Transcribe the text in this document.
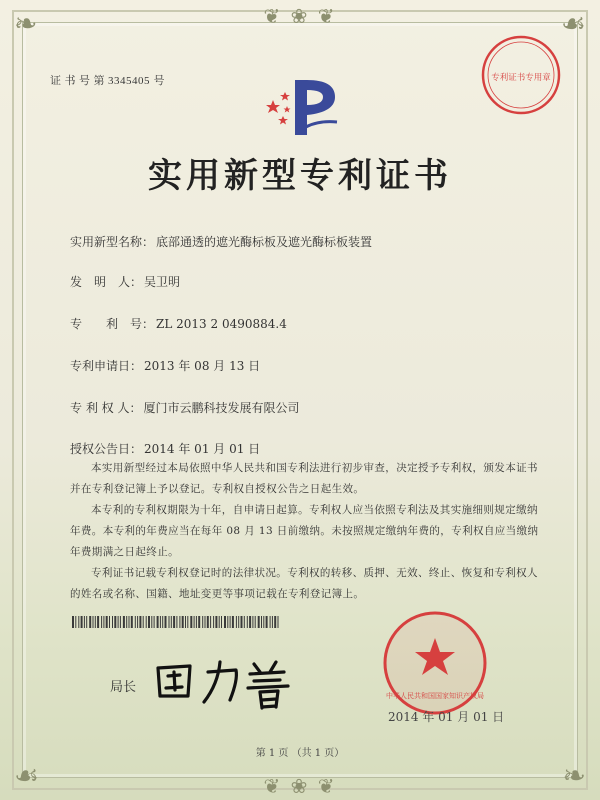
❦ ❀ ❦
❦ ❀ ❦
❧	☙
☙	❧
证 书 号 第 3345405 号	专利证书专用章
实用新型专利证书
实用新型名称： 底部通透的遮光酶标板及遮光酶标板装置
发　明　人： 吴卫明
专　　利　号： ZL 2013 2 0490884.4
专利申请日： 2013 年 08 月 13 日
专 利 权 人： 厦门市云鹏科技发展有限公司
授权公告日： 2014 年 01 月 01 日

本实用新型经过本局依照中华人民共和国专利法进行初步审查，决定授予专利权，颁发本证书并在专利登记簿上予以登记。专利权自授权公告之日起生效。

本专利的专利权期限为十年，自申请日起算。专利权人应当依照专利法及其实施细则规定缴纳年费。本专利的年费应当在每年 08 月 13 日前缴纳。未按照规定缴纳年费的，专利权自应当缴纳年费期满之日起终止。

专利证书记载专利权登记时的法律状况。专利权的转移、质押、无效、终止、恢复和专利权人的姓名或名称、国籍、地址变更等事项记载在专利登记簿上。

局长
中华人民共和国国家知识产权局
2014 年 01 月 01 日
第 1 页 （共 1 页）
